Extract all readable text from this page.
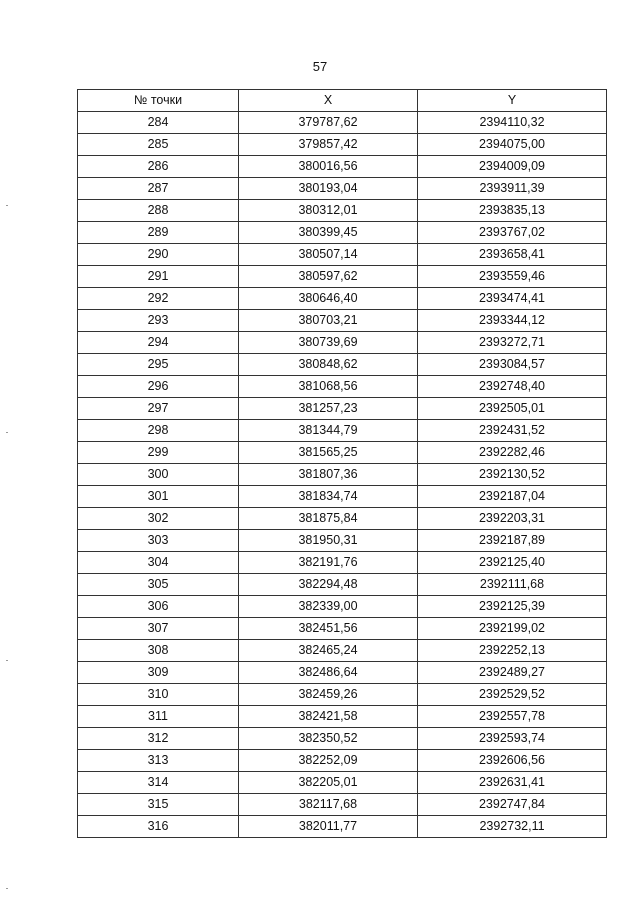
57
№ точки	X	Y
284	379787,62	2394110,32
285	379857,42	2394075,00
286	380016,56	2394009,09
287	380193,04	2393911,39
288	380312,01	2393835,13
289	380399,45	2393767,02
290	380507,14	2393658,41
291	380597,62	2393559,46
292	380646,40	2393474,41
293	380703,21	2393344,12
294	380739,69	2393272,71
295	380848,62	2393084,57
296	381068,56	2392748,40
297	381257,23	2392505,01
298	381344,79	2392431,52
299	381565,25	2392282,46
300	381807,36	2392130,52
301	381834,74	2392187,04
302	381875,84	2392203,31
303	381950,31	2392187,89
304	382191,76	2392125,40
305	382294,48	2392111,68
306	382339,00	2392125,39
307	382451,56	2392199,02
308	382465,24	2392252,13
309	382486,64	2392489,27
310	382459,26	2392529,52
311	382421,58	2392557,78
312	382350,52	2392593,74
313	382252,09	2392606,56
314	382205,01	2392631,41
315	382117,68	2392747,84
316	382011,77	2392732,11
